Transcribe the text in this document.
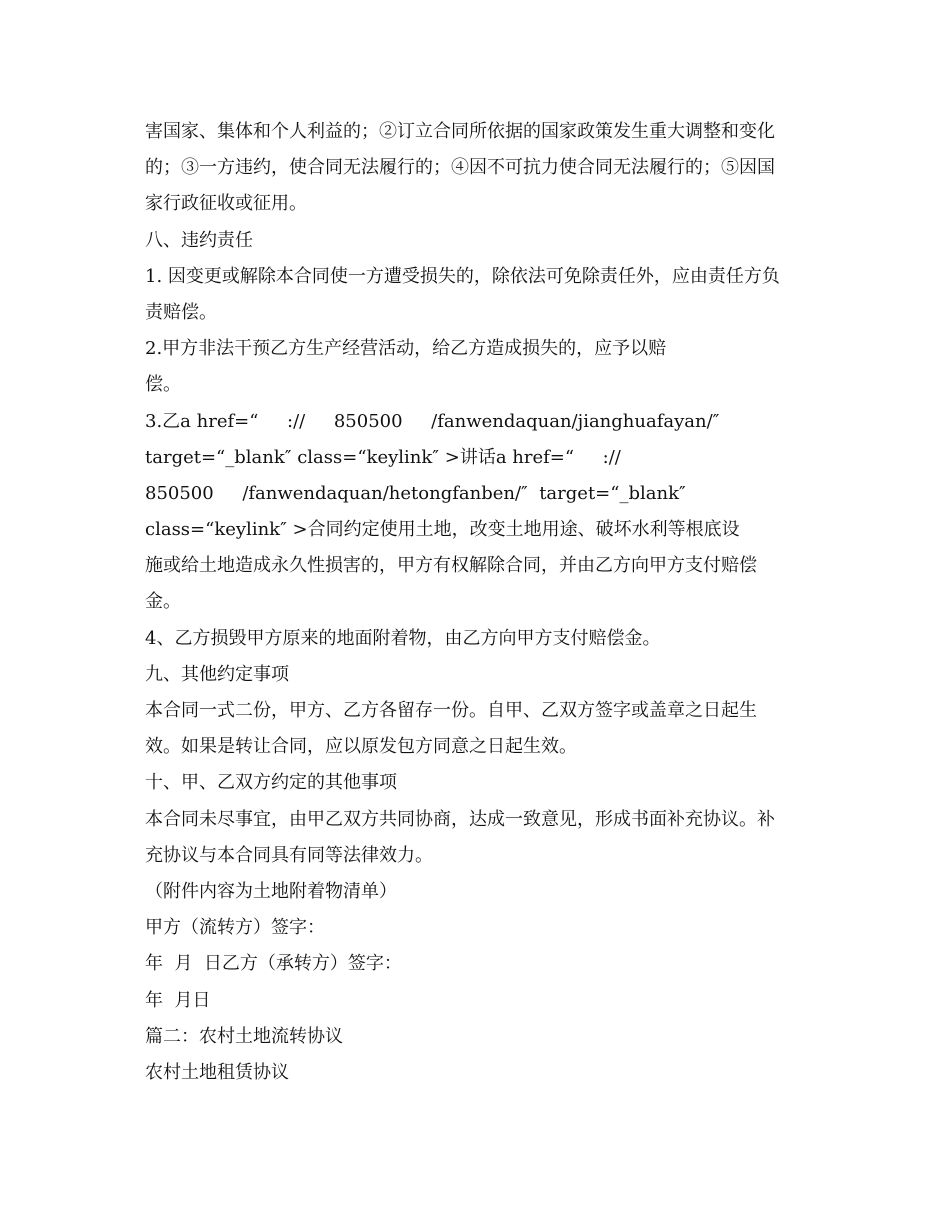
害国家、集体和个人利益的；②订立合同所依据的国家政策发生重大调整和变化
的；③一方违约，使合同无法履行的；④因不可抗力使合同无法履行的；⑤因国
家行政征收或征用。
八、违约责任
1. 因变更或解除本合同使一方遭受损失的，除依法可免除责任外，应由责任方负
责赔偿。
2.甲方非法干预乙方生产经营活动，给乙方造成损失的，应予以赔
偿。
3.乙a href=“     ://     850500     /fanwendaquan/jianghuafayan/″
target=“_blank″ class=“keylink″ >讲话a href=“     ://
850500     /fanwendaquan/hetongfanben/″  target=“_blank″
class=“keylink″ >合同约定使用土地，改变土地用途、破坏水利等根底设
施或给土地造成永久性损害的，甲方有权解除合同，并由乙方向甲方支付赔偿
金。
4、乙方损毁甲方原来的地面附着物，由乙方向甲方支付赔偿金。
九、其他约定事项
本合同一式二份，甲方、乙方各留存一份。自甲、乙双方签字或盖章之日起生
效。如果是转让合同，应以原发包方同意之日起生效。
十、甲、乙双方约定的其他事项
本合同未尽事宜，由甲乙双方共同协商，达成一致意见，形成书面补充协议。补
充协议与本合同具有同等法律效力。
（附件内容为土地附着物清单）
甲方（流转方）签字：
年  月  日乙方（承转方）签字：
年  月日
篇二：农村土地流转协议
农村土地租赁协议
